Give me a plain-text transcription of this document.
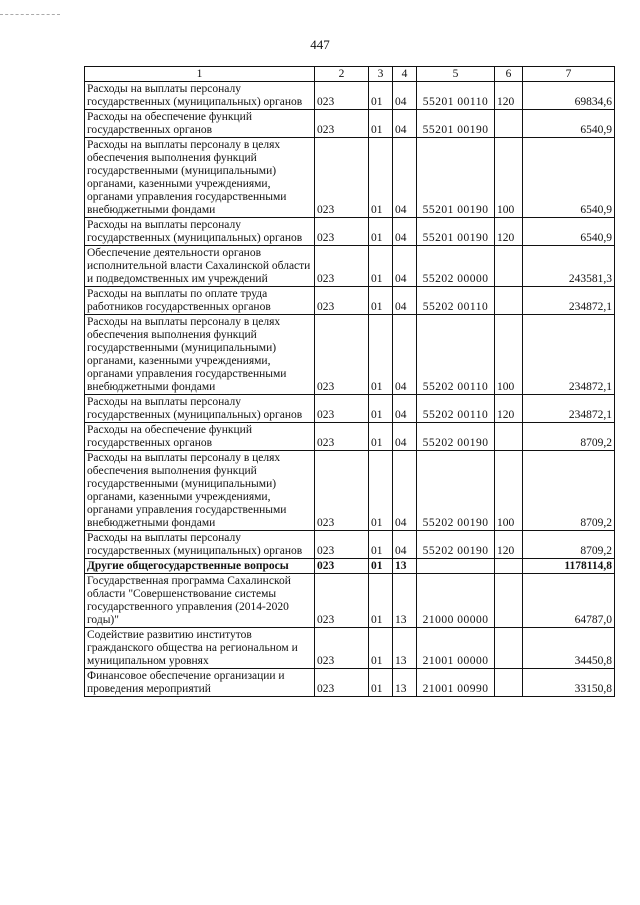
447
1	2	3	4	5	6	7
Расходы на выплаты персоналу государственных (муниципальных) органов	023	01	04	55201 00110	120	69834,6
Расходы на обеспечение функций государственных органов	023	01	04	55201 00190		6540,9
Расходы на выплаты персоналу в целях обеспечения выполнения функций государственными (муниципальными) органами, казенными учреждениями, органами управления государственными внебюджетными фондами	023	01	04	55201 00190	100	6540,9
Расходы на выплаты персоналу государственных (муниципальных) органов	023	01	04	55201 00190	120	6540,9
Обеспечение деятельности органов исполнительной власти Сахалинской области и подведомственных им учреждений	023	01	04	55202 00000		243581,3
Расходы на выплаты по оплате труда работников государственных органов	023	01	04	55202 00110		234872,1
Расходы на выплаты персоналу в целях обеспечения выполнения функций государственными (муниципальными) органами, казенными учреждениями, органами управления государственными внебюджетными фондами	023	01	04	55202 00110	100	234872,1
Расходы на выплаты персоналу государственных (муниципальных) органов	023	01	04	55202 00110	120	234872,1
Расходы на обеспечение функций государственных органов	023	01	04	55202 00190		8709,2
Расходы на выплаты персоналу в целях обеспечения выполнения функций государственными (муниципальными) органами, казенными учреждениями, органами управления государственными внебюджетными фондами	023	01	04	55202 00190	100	8709,2
Расходы на выплаты персоналу государственных (муниципальных) органов	023	01	04	55202 00190	120	8709,2
Другие общегосударственные вопросы	023	01	13			1178114,8
Государственная программа Сахалинской области "Совершенствование системы государственного управления (2014-2020 годы)"	023	01	13	21000 00000		64787,0
Содействие развитию институтов гражданского общества на региональном и муниципальном уровнях	023	01	13	21001 00000		34450,8
Финансовое обеспечение организации и проведения мероприятий	023	01	13	21001 00990		33150,8
